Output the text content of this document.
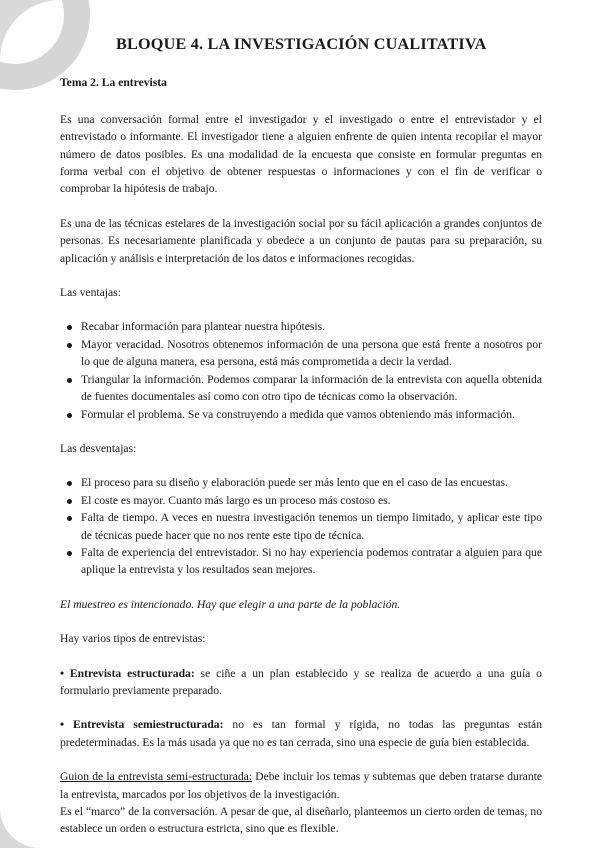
BLOQUE 4. LA INVESTIGACIÓN CUALITATIVA
Tema 2. La entrevista

Es una conversación formal entre el investigador y el investigado o entre el entrevistador y el entrevistado o informante. El investigador tiene a alguien enfrente de quien intenta recopilar el mayor número de datos posibles. Es una modalidad de la encuesta que consiste en formular preguntas en forma verbal con el objetivo de obtener respuestas o informaciones y con el fin de verificar o comprobar la hipótesis de trabajo.

Es una de las técnicas estelares de la investigación social por su fácil aplicación a grandes conjuntos de personas. Es necesariamente planificada y obedece a un conjunto de pautas para su preparación, su aplicación y análisis e interpretación de los datos e informaciones recogidas.

Las ventajas:

Recabar información para plantear nuestra hipótesis.
Mayor veracidad. Nosotros obtenemos información de una persona que está frente a nosotros por lo que de alguna manera, esa persona, está más comprometida a decir la verdad.
Triangular la información. Podemos comparar la información de la entrevista con aquella obtenida de fuentes documentales así como con otro tipo de técnicas como la observación.
Formular el problema. Se va construyendo a medida que vamos obteniendo más información.

Las desventajas:

El proceso para su diseño y elaboración puede ser más lento que en el caso de las encuestas.
El coste es mayor. Cuanto más largo es un proceso más costoso es.
Falta de tiempo. A veces en nuestra investigación tenemos un tiempo limitado, y aplicar este tipo de técnicas puede hacer que no nos rente este tipo de técnica.
Falta de experiencia del entrevistador. Si no hay experiencia podemos contratar a alguien para que aplique la entrevista y los resultados sean mejores.

El muestreo es intencionado. Hay que elegir a una parte de la población.

Hay varios tipos de entrevistas:

• Entrevista estructurada: se ciñe a un plan establecido y se realiza de acuerdo a una guía o formulario previamente preparado.

• Entrevista semiestructurada: no es tan formal y rígida, no todas las preguntas están predeterminadas. Es la más usada ya que no es tan cerrada, sino una especie de guía bien establecida.

Guion de la entrevista semi-estructurada: Debe incluir los temas y subtemas que deben tratarse durante la entrevista, marcados por los objetivos de la investigación.

Es el “marco” de la conversación. A pesar de que, al diseñarlo, planteemos un cierto orden de temas, no establece un orden o estructura estricta, sino que es flexible.
